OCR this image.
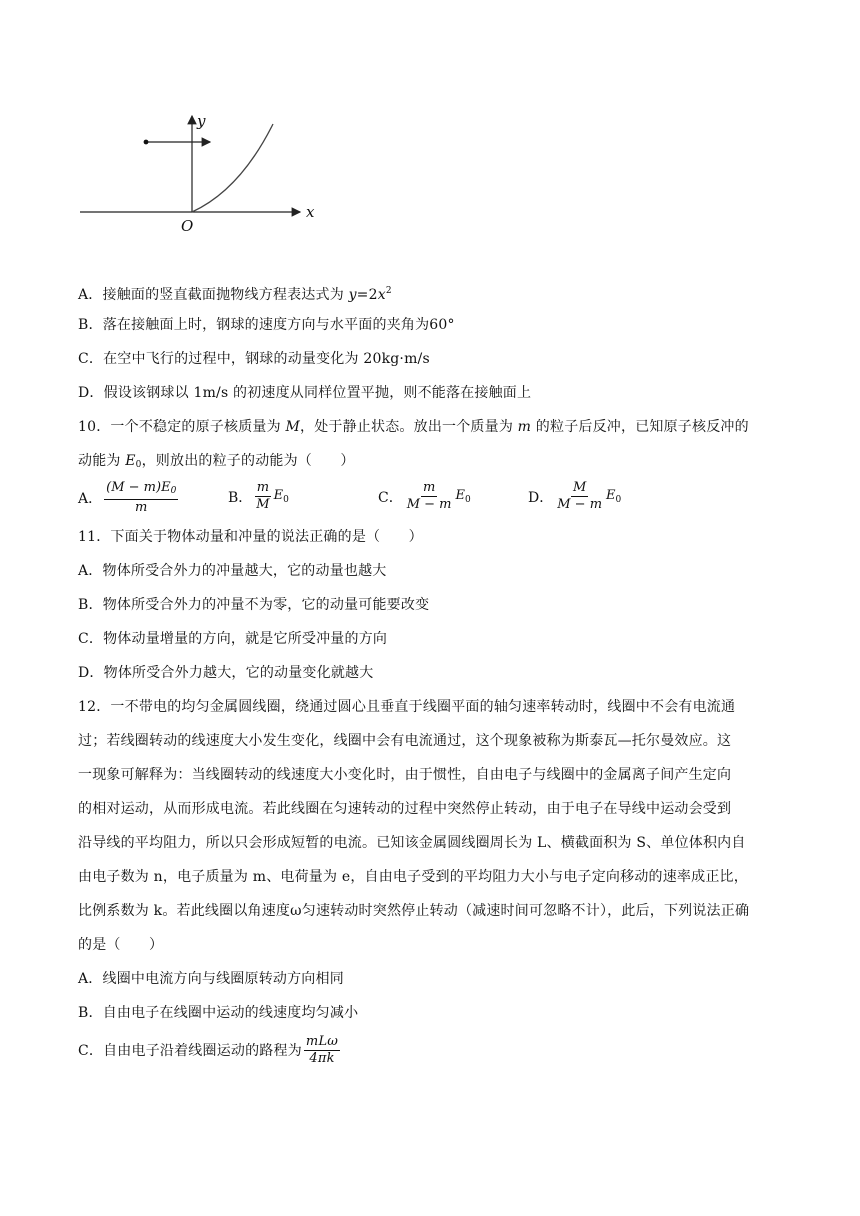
y
x
O
A．接触面的竖直截面抛物线方程表达式为 $y=2x^2$
B．落在接触面上时，钢球的速度方向与水平面的夹角为60°
C．在空中飞行的过程中，钢球的动量变化为 20kg·m/s
D．假设该钢球以 1m/s 的初速度从同样位置平抛，则不能落在接触面上
10．一个不稳定的原子核质量为 M，处于静止状态。放出一个质量为 m 的粒子后反冲，已知原子核反冲的
动能为 $E_0$，则放出的粒子的动能为（　　）
A． $\frac{(M - m)E_0}{m}$	B． $\frac{m}{M} E_0$	C． $\frac{m}{M - m} E_0$	D． $\frac{M}{M - m} E_0$
11．下面关于物体动量和冲量的说法正确的是（　　）
A．物体所受合外力的冲量越大，它的动量也越大
B．物体所受合外力的冲量不为零，它的动量可能要改变
C．物体动量增量的方向，就是它所受冲量的方向
D．物体所受合外力越大，它的动量变化就越大
12．一不带电的均匀金属圆线圈，绕通过圆心且垂直于线圈平面的轴匀速率转动时，线圈中不会有电流通
过；若线圈转动的线速度大小发生变化，线圈中会有电流通过，这个现象被称为斯泰瓦—托尔曼效应。这
一现象可解释为：当线圈转动的线速度大小变化时，由于惯性，自由电子与线圈中的金属离子间产生定向
的相对运动，从而形成电流。若此线圈在匀速转动的过程中突然停止转动，由于电子在导线中运动会受到
沿导线的平均阻力，所以只会形成短暂的电流。已知该金属圆线圈周长为 L、横截面积为 S、单位体积内自
由电子数为 n，电子质量为 m、电荷量为 e，自由电子受到的平均阻力大小与电子定向移动的速率成正比，
比例系数为 k。若此线圈以角速度ω匀速转动时突然停止转动（减速时间可忽略不计），此后，下列说法正确
的是（　　）
A．线圈中电流方向与线圈原转动方向相同
B．自由电子在线圈中运动的线速度均匀减小
C．自由电子沿着线圈运动的路程为 $\frac{\text{mLω}}{4\pi k}$
